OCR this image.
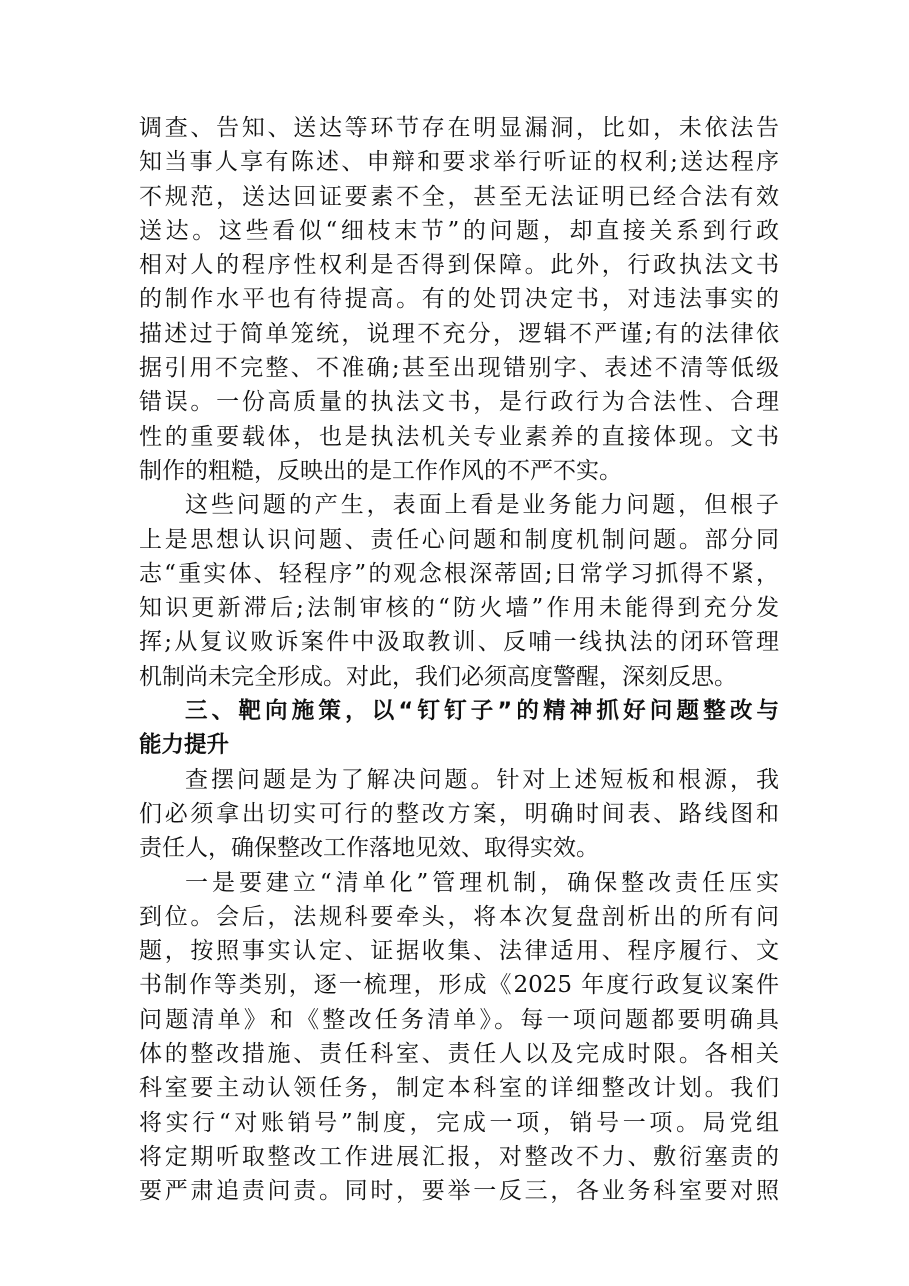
调查、告知、送达等环节存在明显漏洞，比如，未依法告
知当事人享有陈述、申辩和要求举行听证的权利;送达程序
不规范，送达回证要素不全，甚至无法证明已经合法有效
送达。这些看似“细枝末节”的问题，却直接关系到行政
相对人的程序性权利是否得到保障。此外，行政执法文书
的制作水平也有待提高。有的处罚决定书，对违法事实的
描述过于简单笼统，说理不充分，逻辑不严谨;有的法律依
据引用不完整、不准确;甚至出现错别字、表述不清等低级
错误。一份高质量的执法文书，是行政行为合法性、合理
性的重要载体，也是执法机关专业素养的直接体现。文书
制作的粗糙，反映出的是工作作风的不严不实。
这些问题的产生，表面上看是业务能力问题，但根子
上是思想认识问题、责任心问题和制度机制问题。部分同
志“重实体、轻程序”的观念根深蒂固;日常学习抓得不紧，
知识更新滞后;法制审核的“防火墙”作用未能得到充分发
挥;从复议败诉案件中汲取教训、反哺一线执法的闭环管理
机制尚未完全形成。对此，我们必须高度警醒，深刻反思。
三、靶向施策，以“钉钉子”的精神抓好问题整改与
能力提升
查摆问题是为了解决问题。针对上述短板和根源，我
们必须拿出切实可行的整改方案，明确时间表、路线图和
责任人，确保整改工作落地见效、取得实效。
一是要建立“清单化”管理机制，确保整改责任压实
到位。会后，法规科要牵头，将本次复盘剖析出的所有问
题，按照事实认定、证据收集、法律适用、程序履行、文
书制作等类别，逐一梳理，形成《2025 年度行政复议案件
问题清单》和《整改任务清单》。每一项问题都要明确具
体的整改措施、责任科室、责任人以及完成时限。各相关
科室要主动认领任务，制定本科室的详细整改计划。我们
将实行“对账销号”制度，完成一项，销号一项。局党组
将定期听取整改工作进展汇报，对整改不力、敷衍塞责的
要严肃追责问责。同时，要举一反三，各业务科室要对照
